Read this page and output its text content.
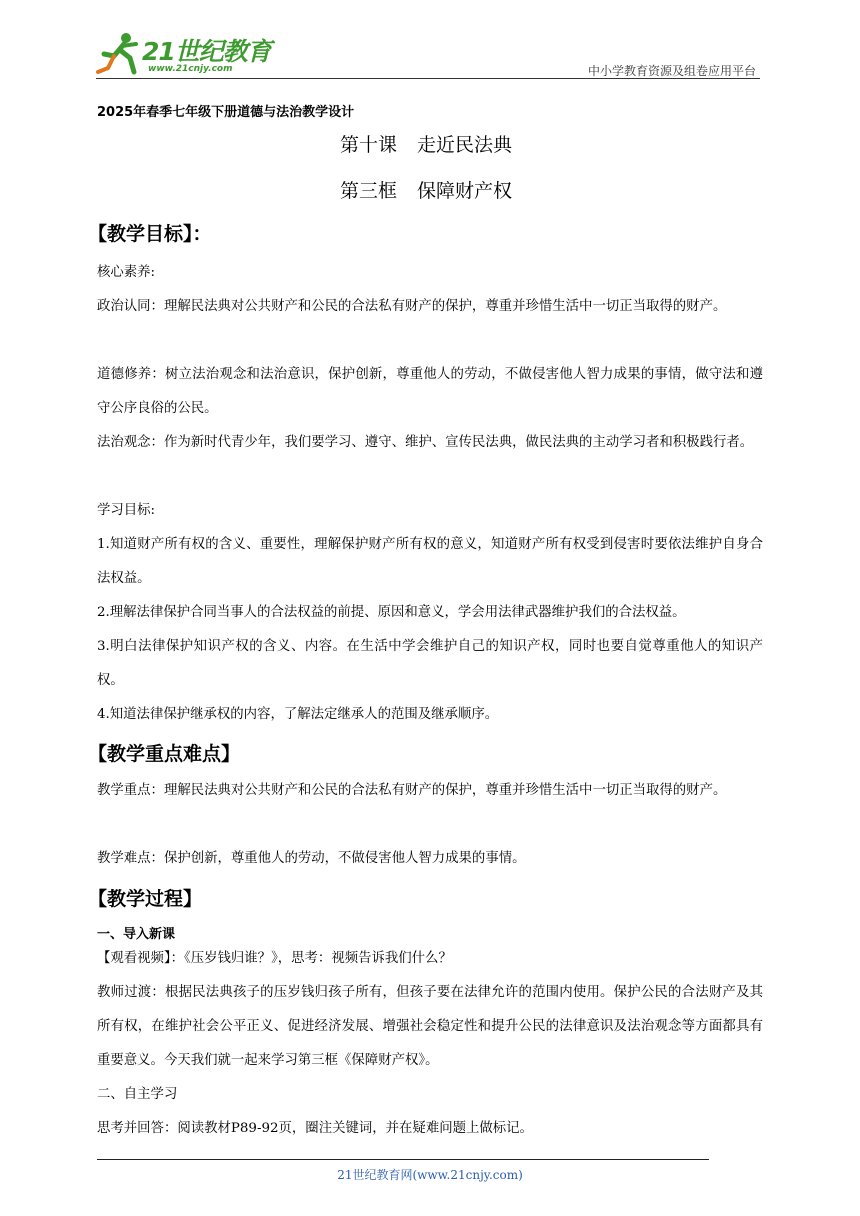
21世纪教育
www.21cnjy.com	中小学教育资源及组卷应用平台
2025年春季七年级下册道德与法治教学设计
第十课 走近民法典
第三框 保障财产权
【教学目标】：
核心素养:
政治认同：理解民法典对公共财产和公民的合法私有财产的保护，尊重并珍惜生活中一切正当取得的财产。
道德修养：树立法治观念和法治意识，保护创新，尊重他人的劳动，不做侵害他人智力成果的事情，做守法和遵守公序良俗的公民。
法治观念：作为新时代青少年，我们要学习、遵守、维护、宣传民法典，做民法典的主动学习者和积极践行者。
学习目标:
1.知道财产所有权的含义、重要性，理解保护财产所有权的意义，知道财产所有权受到侵害时要依法维护自身合法权益。
2.理解法律保护合同当事人的合法权益的前提、原因和意义，学会用法律武器维护我们的合法权益。
3.明白法律保护知识产权的含义、内容。在生活中学会维护自己的知识产权，同时也要自觉尊重他人的知识产权。
4.知道法律保护继承权的内容，了解法定继承人的范围及继承顺序。
【教学重点难点】
教学重点：理解民法典对公共财产和公民的合法私有财产的保护，尊重并珍惜生活中一切正当取得的财产。
教学难点：保护创新，尊重他人的劳动，不做侵害他人智力成果的事情。
【教学过程】
一、导入新课
【观看视频】：《压岁钱归谁？》，思考：视频告诉我们什么？
教师过渡：根据民法典孩子的压岁钱归孩子所有，但孩子要在法律允许的范围内使用。保护公民的合法财产及其所有权，在维护社会公平正义、促进经济发展、增强社会稳定性和提升公民的法律意识及法治观念等方面都具有重要意义。今天我们就一起来学习第三框《保障财产权》。
二、自主学习
思考并回答：阅读教材P89-92页，圈注关键词，并在疑难问题上做标记。
21世纪教育网(www.21cnjy.com)
